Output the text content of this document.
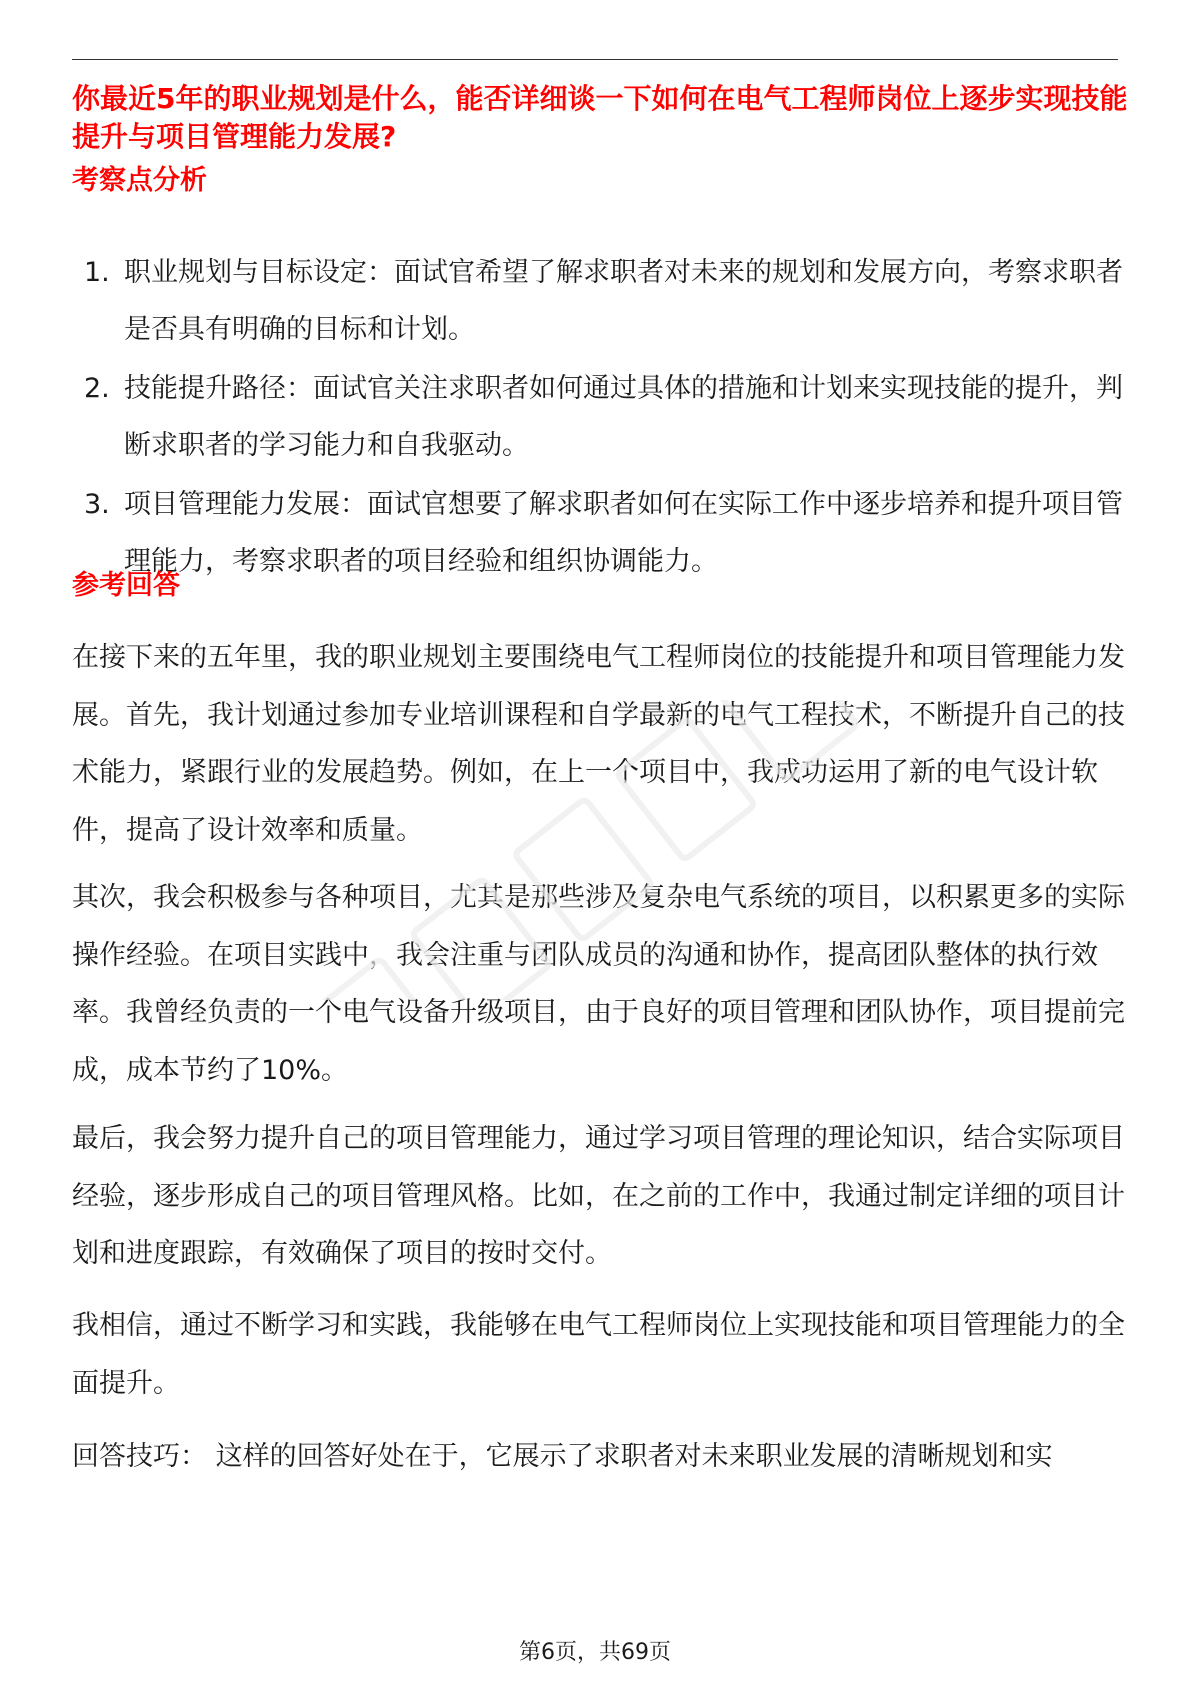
你最近5年的职业规划是什么，能否详细谈一下如何在电气工程师岗位上逐步实现技能提升与项目管理能力发展?
考察点分析
1. 职业规划与目标设定：面试官希望了解求职者对未来的规划和发展方向，考察求职者是否具有明确的目标和计划。
2. 技能提升路径：面试官关注求职者如何通过具体的措施和计划来实现技能的提升，判断求职者的学习能力和自我驱动。
3. 项目管理能力发展：面试官想要了解求职者如何在实际工作中逐步培养和提升项目管理能力，考察求职者的项目经验和组织协调能力。
参考回答

在接下来的五年里，我的职业规划主要围绕电气工程师岗位的技能提升和项目管理能力发展。首先，我计划通过参加专业培训课程和自学最新的电气工程技术，不断提升自己的技术能力，紧跟行业的发展趋势。例如，在上一个项目中，我成功运用了新的电气设计软件，提高了设计效率和质量。

其次，我会积极参与各种项目，尤其是那些涉及复杂电气系统的项目，以积累更多的实际操作经验。在项目实践中，我会注重与团队成员的沟通和协作，提高团队整体的执行效率。我曾经负责的一个电气设备升级项目，由于良好的项目管理和团队协作，项目提前完成，成本节约了10%。

最后，我会努力提升自己的项目管理能力，通过学习项目管理的理论知识，结合实际项目经验，逐步形成自己的项目管理风格。比如，在之前的工作中，我通过制定详细的项目计划和进度跟踪，有效确保了项目的按时交付。

我相信，通过不断学习和实践，我能够在电气工程师岗位上实现技能和项目管理能力的全面提升。

回答技巧： 这样的回答好处在于，它展示了求职者对未来职业发展的清晰规划和实

第6页，共69页
